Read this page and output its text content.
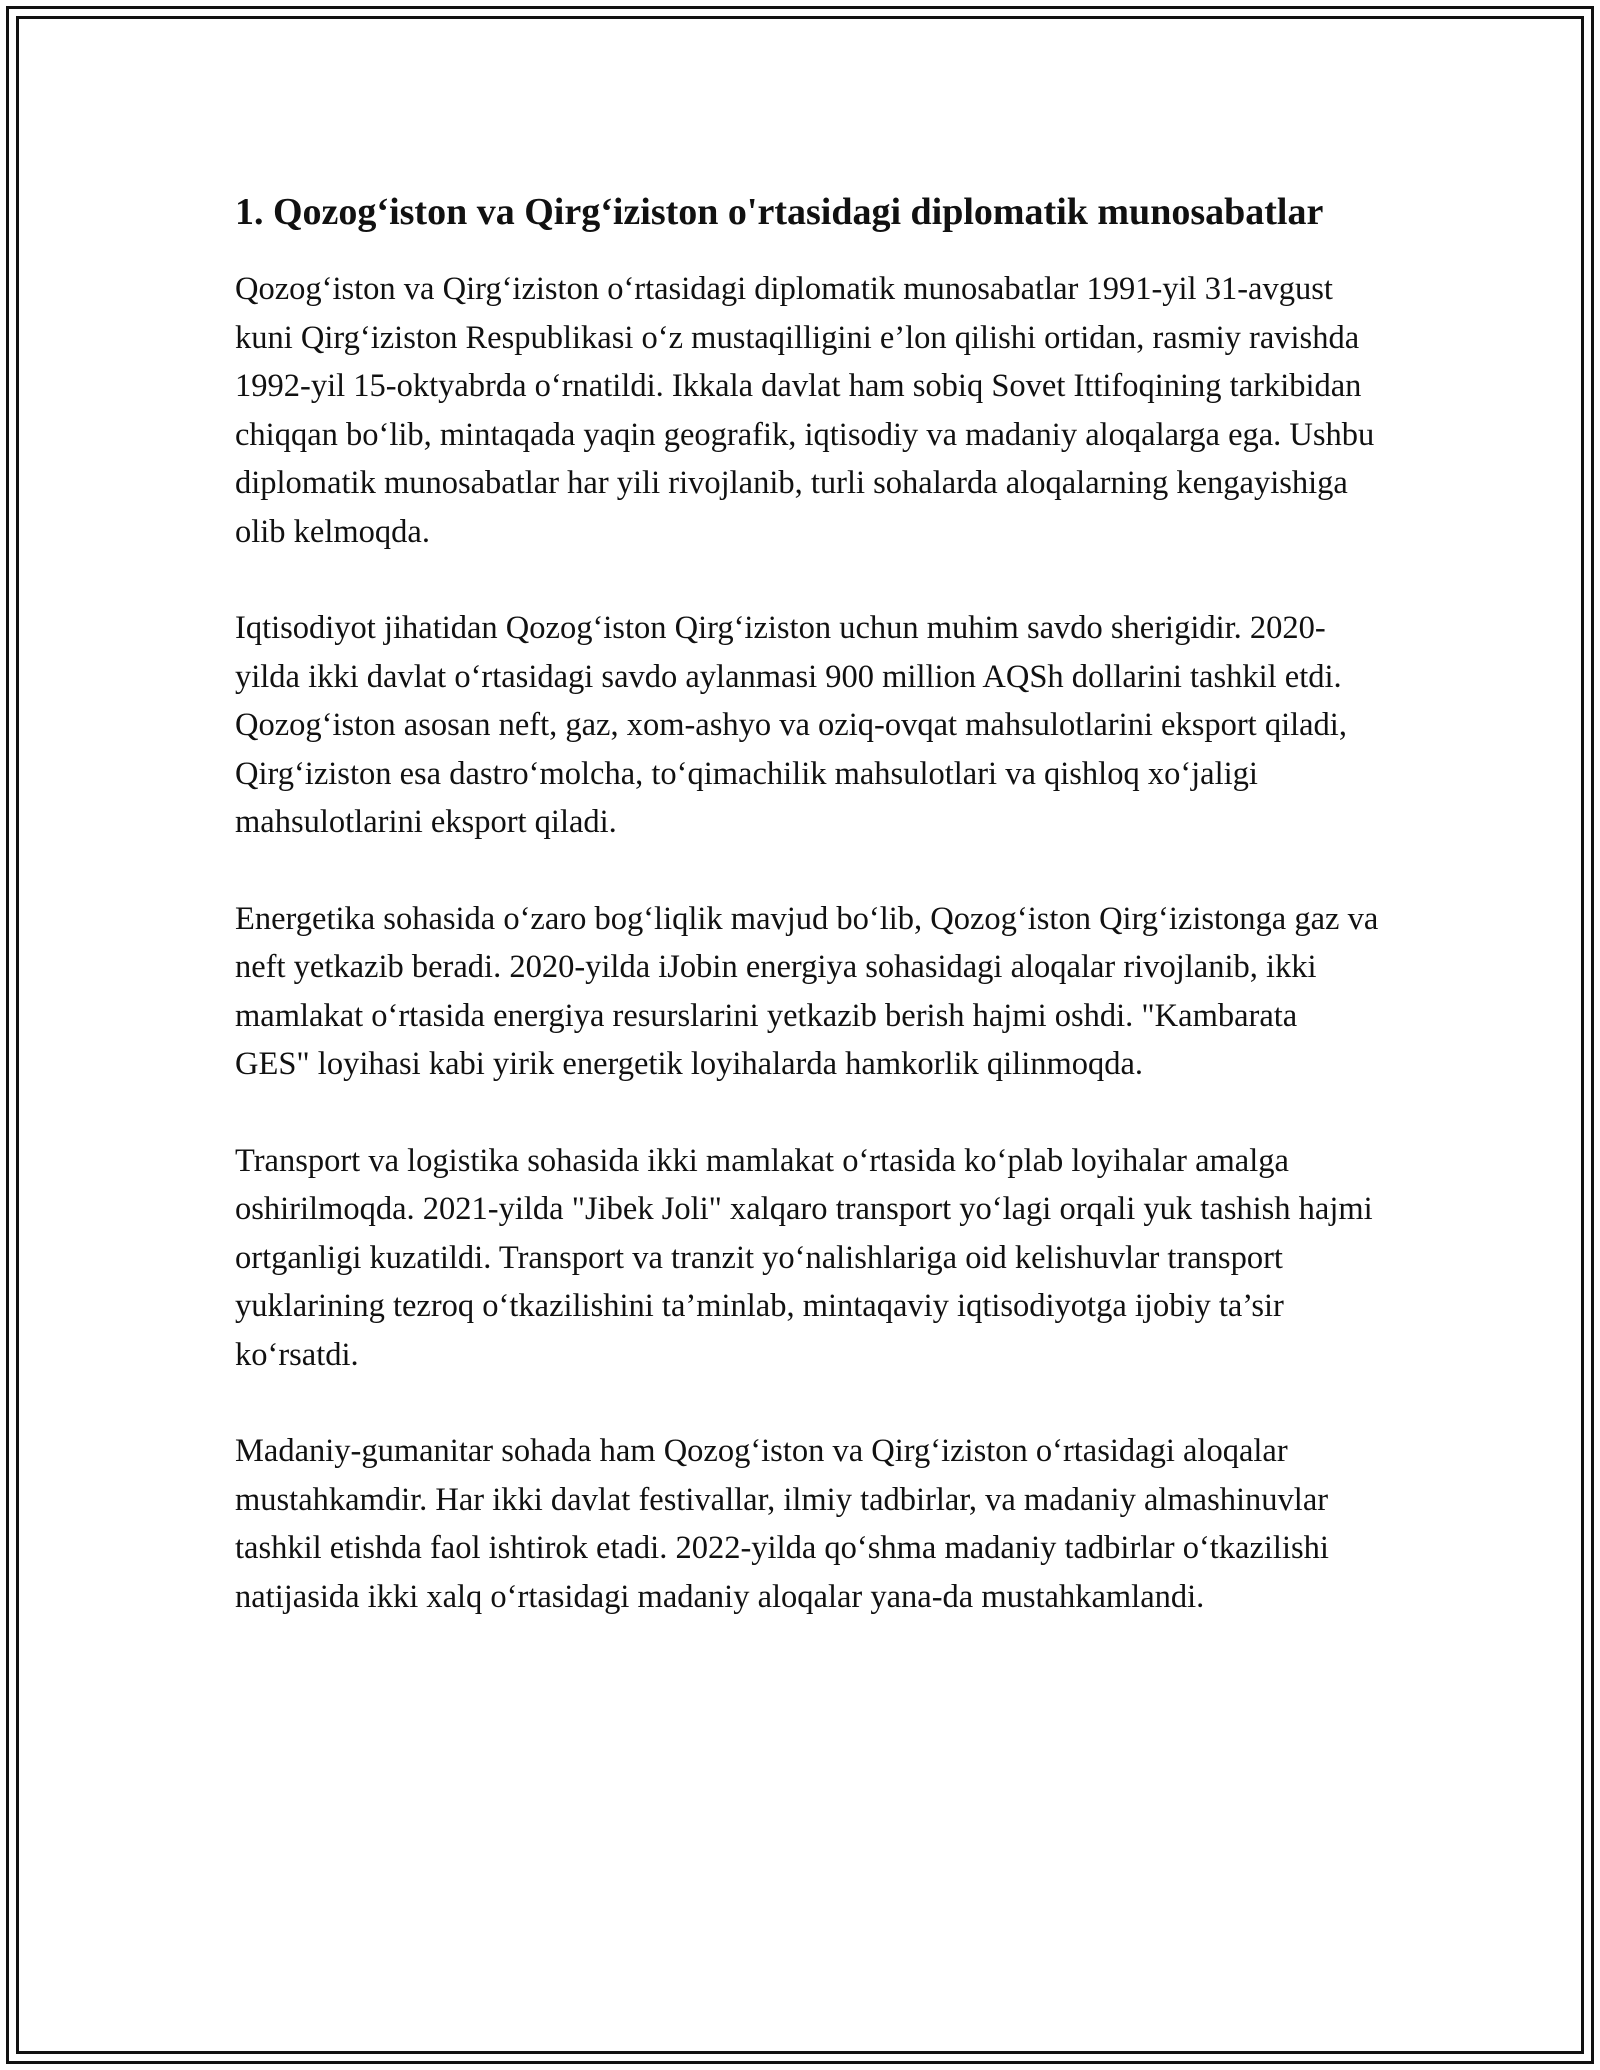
1. Qozog‘iston va Qirg‘iziston o'rtasidagi diplomatik munosabatlar

Qozog‘iston va Qirg‘iziston o‘rtasidagi diplomatik munosabatlar 1991-yil 31-avgust kuni Qirg‘iziston Respublikasi o‘z mustaqilligini e’lon qilishi ortidan, rasmiy ravishda 1992-yil 15-oktyabrda o‘rnatildi. Ikkala davlat ham sobiq Sovet Ittifoqining tarkibidan chiqqan bo‘lib, mintaqada yaqin geografik, iqtisodiy va madaniy aloqalarga ega. Ushbu diplomatik munosabatlar har yili rivojlanib, turli sohalarda aloqalarning kengayishiga olib kelmoqda.

Iqtisodiyot jihatidan Qozog‘iston Qirg‘iziston uchun muhim savdo sherigidir. 2020-yilda ikki davlat o‘rtasidagi savdo aylanmasi 900 million AQSh dollarini tashkil etdi. Qozog‘iston asosan neft, gaz, xom-ashyo va oziq-ovqat mahsulotlarini eksport qiladi, Qirg‘iziston esa dastro‘molcha, to‘qimachilik mahsulotlari va qishloq xo‘jaligi mahsulotlarini eksport qiladi.

Energetika sohasida o‘zaro bog‘liqlik mavjud bo‘lib, Qozog‘iston Qirg‘izistonga gaz va neft yetkazib beradi. 2020-yilda iJobin energiya sohasidagi aloqalar rivojlanib, ikki mamlakat o‘rtasida energiya resurslarini yetkazib berish hajmi oshdi. "Kambarata GES" loyihasi kabi yirik energetik loyihalarda hamkorlik qilinmoqda.

Transport va logistika sohasida ikki mamlakat o‘rtasida ko‘plab loyihalar amalga oshirilmoqda. 2021-yilda "Jibek Joli" xalqaro transport yo‘lagi orqali yuk tashish hajmi ortganligi kuzatildi. Transport va tranzit yo‘nalishlariga oid kelishuvlar transport yuklarining tezroq o‘tkazilishini ta’minlab, mintaqaviy iqtisodiyotga ijobiy ta’sir ko‘rsatdi.

Madaniy-gumanitar sohada ham Qozog‘iston va Qirg‘iziston o‘rtasidagi aloqalar mustahkamdir. Har ikki davlat festivallar, ilmiy tadbirlar, va madaniy almashinuvlar tashkil etishda faol ishtirok etadi. 2022-yilda qo‘shma madaniy tadbirlar o‘tkazilishi natijasida ikki xalq o‘rtasidagi madaniy aloqalar yana-da mustahkamlandi.
